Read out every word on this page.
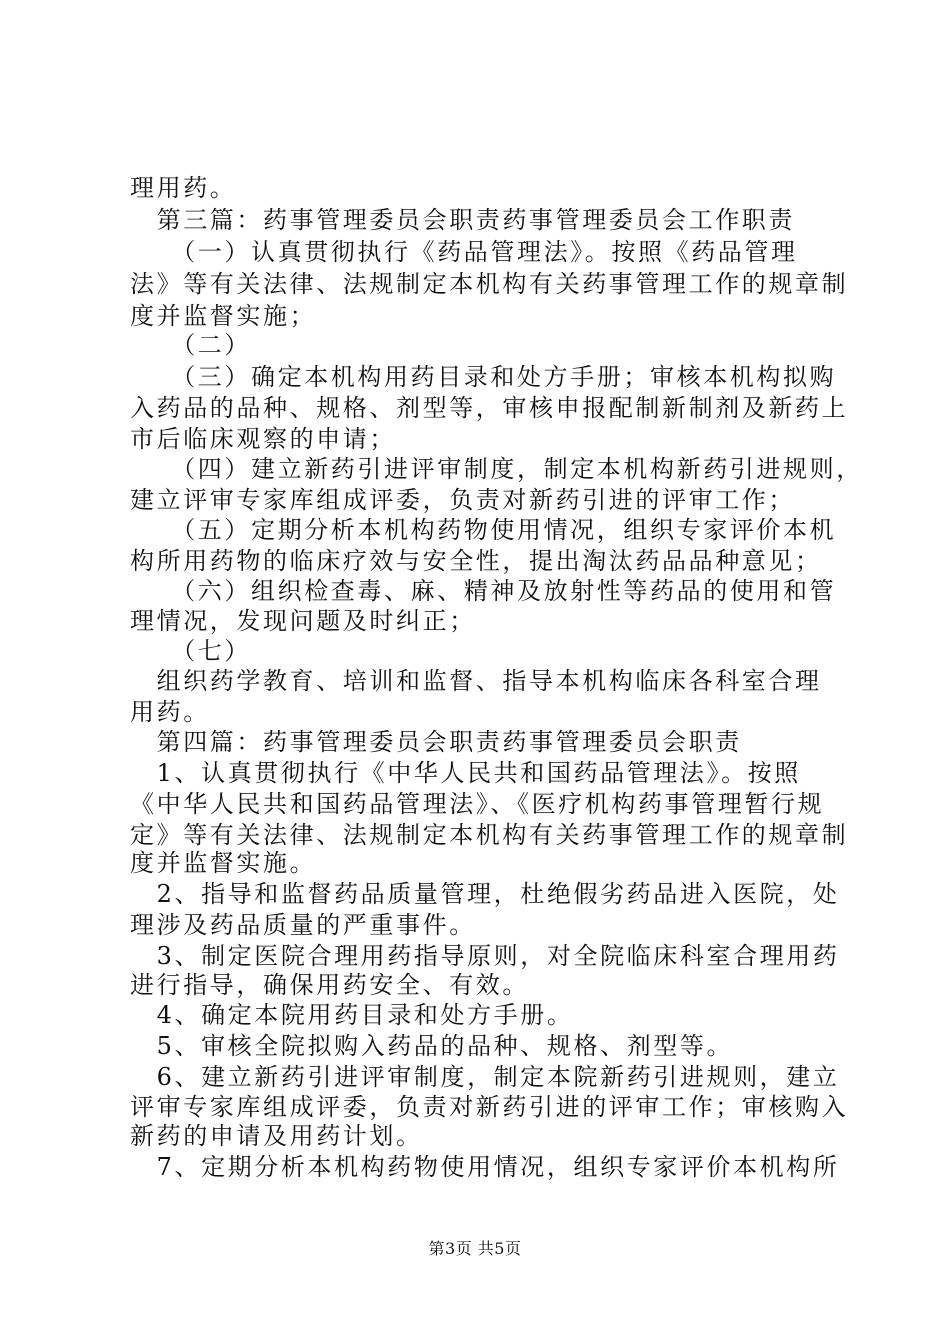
理用药。
　第三篇：药事管理委员会职责药事管理委员会工作职责
　　（一）认真贯彻执行《药品管理法》。按照《药品管理
法》等有关法律、法规制定本机构有关药事管理工作的规章制
度并监督实施；
　　（二）
　　（三）确定本机构用药目录和处方手册；审核本机构拟购
入药品的品种、规格、剂型等，审核申报配制新制剂及新药上
市后临床观察的申请；
　　（四）建立新药引进评审制度，制定本机构新药引进规则，
建立评审专家库组成评委，负责对新药引进的评审工作；
　　（五）定期分析本机构药物使用情况，组织专家评价本机
构所用药物的临床疗效与安全性，提出淘汰药品品种意见；
　　（六）组织检查毒、麻、精神及放射性等药品的使用和管
理情况，发现问题及时纠正；
　　（七）
　组织药学教育、培训和监督、指导本机构临床各科室合理
用药。
　第四篇：药事管理委员会职责药事管理委员会职责
　1、认真贯彻执行《中华人民共和国药品管理法》。按照
《中华人民共和国药品管理法》、《医疗机构药事管理暂行规
定》等有关法律、法规制定本机构有关药事管理工作的规章制
度并监督实施。
　2、指导和监督药品质量管理，杜绝假劣药品进入医院，处
理涉及药品质量的严重事件。
　3、制定医院合理用药指导原则，对全院临床科室合理用药
进行指导，确保用药安全、有效。
　4、确定本院用药目录和处方手册。
　5、审核全院拟购入药品的品种、规格、剂型等。
　6、建立新药引进评审制度，制定本院新药引进规则，建立
评审专家库组成评委，负责对新药引进的评审工作；审核购入
新药的申请及用药计划。
　7、定期分析本机构药物使用情况，组织专家评价本机构所
第3页 共5页
